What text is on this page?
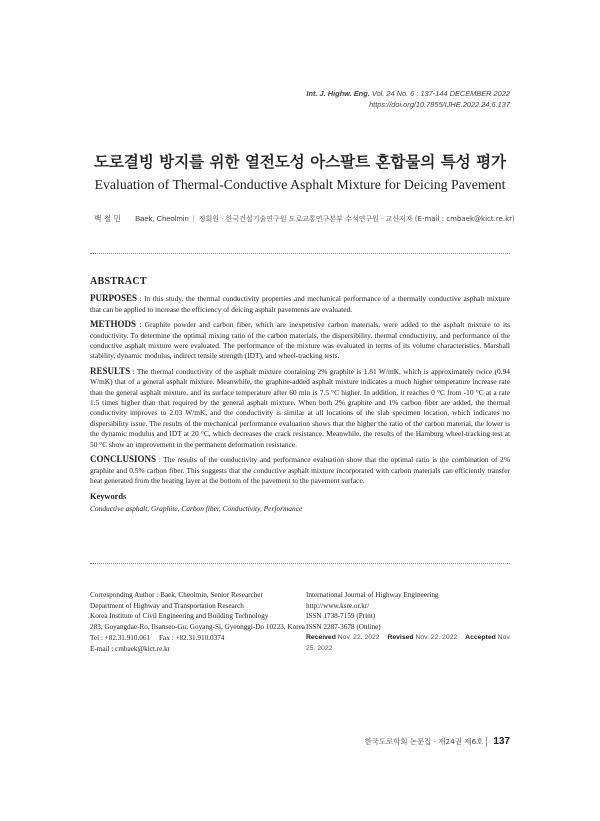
Int. J. Highw. Eng. Vol. 24 No. 6 : 137-144 DECEMBER 2022
https://doi.org/10.7855/IJHE.2022.24.6.137
도로결빙 방지를 위한 열전도성 아스팔트 혼합물의 특성 평가
Evaluation of Thermal-Conductive Asphalt Mixture for Deicing Pavement
백 철 민 Baek, Cheolmin | 정회원 · 한국건설기술연구원 도로교통연구본부 수석연구원 · 교신저자 (E-mail : cmbaek@kict.re.kr)
ABSTRACT

PURPOSES : In this study, the thermal conductivity properties and mechanical performance of a thermally conductive asphalt mixture that can be applied to increase the efficiency of deicing asphalt pavements are evaluated.

METHODS : Graphite powder and carbon fiber, which are inexpensive carbon materials, were added to the asphalt mixture to its conductivity. To determine the optimal mixing ratio of the carbon materials, the dispersibility, thermal conductivity, and performance of the conductive asphalt mixture were evaluated. The performance of the mixture was evaluated in terms of its volume characteristics, Marshall stability, dynamic modulus, indirect tensile strength (IDT), and wheel-tracking tests.

RESULTS : The thermal conductivity of the asphalt mixture containing 2% graphite is 1.81 W/mK, which is approximately twice (0.94 W/mK) that of a general asphalt mixture. Meanwhile, the graphite-added asphalt mixture indicates a much higher temperature increase rate than the general asphalt mixture, and its surface temperature after 60 min is 7.5 °C higher. In addition, it reaches 0 °C from -10 °C at a rate 1.5 times higher than that required by the general asphalt mixture. When both 2% graphite and 1% carbon fiber are added, the thermal conductivity improves to 2.03 W/mK, and the conductivity is similar at all locations of the slab specimen location, which indicates no dispersibility issue. The results of the mechanical performance evaluation shows that the higher the ratio of the carbon material, the lower is the dynamic modulus and IDT at 20 °C, which decreases the crack resistance. Meanwhile, the results of the Hamburg wheel-tracking test at 50 °C show an improvement in the permanent deformation resistance.

CONCLUSIONS : The results of the conductivity and performance evaluation show that the optimal ratio is the combination of 2% graphite and 0.5% carbon fiber. This suggests that the conductive asphalt mixture incorporated with carbon materials can efficiently transfer heat generated from the heating layer at the bottom of the pavement to the pavement surface.

Keywords
Conductive asphalt, Graphite, Carbon fiber, Conductivity, Performance
Corresponding Author : Baek, Cheolmin, Senior Researcher
Department of Highway and Transportation Research
Korea Institute of Civil Engineering and Building Technology
283, Goyangdae-Ro, Ilsanseo-Gu, Goyang-Si, Gyeonggi-Do 10223, Korea
Tel : +82.31.910.061     Fax : +82.31.910.0374
E-mail : cmbaek@kict.re.kr
International Journal of Highway Engineering
http://www.ksre.or.kr/
ISSN 1738-7159 (Print)
ISSN 2287-3678 (Online)
Received Nov. 22. 2022 Revised Nov. 22. 2022 Accepted Nov. 25. 2022
한국도로학회 논문집 · 제24권 제6호 137
